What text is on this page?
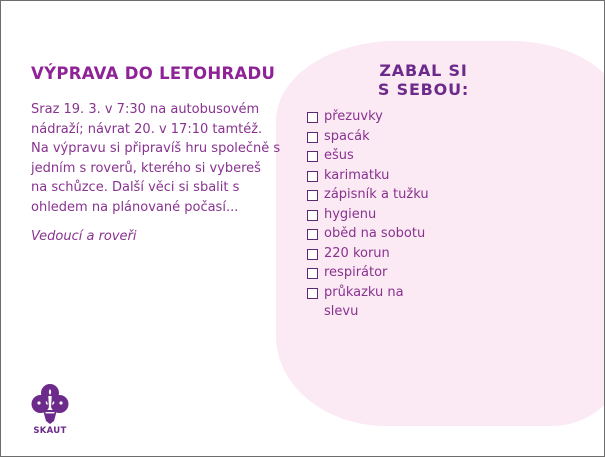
VÝPRAVA DO LETOHRADU

Sraz 19. 3. v 7:30 na autobusovém nádraží; návrat 20. v 17:10 tamtéž. Na výpravu si připravíš hru společně s jedním s roverů, kterého si vybereš na schůzce. Další věci si sbalit s ohledem na plánované počasí...

Vedoucí a roveři

ZABAL SI
S SEBOU:
přezuvky
spacák
ešus
karimatku
zápisník a tužku
hygienu
oběd na sobotu
220 korun
respirátor
průkazku na slevu
SKAUT
